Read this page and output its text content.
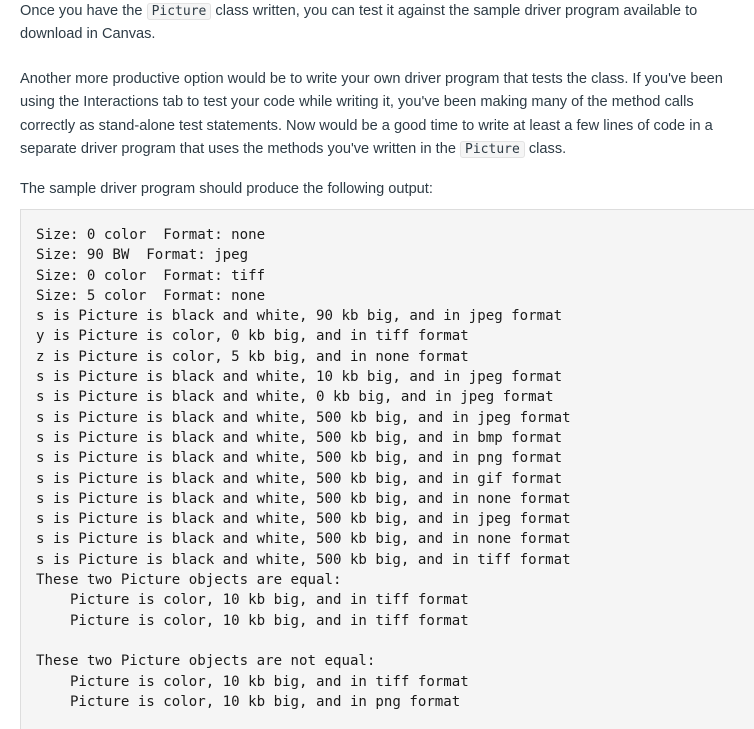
Once you have the Picture class written, you can test it against the sample driver program available to download in Canvas.

Another more productive option would be to write your own driver program that tests the class. If you've been using the Interactions tab to test your code while writing it, you've been making many of the method calls correctly as stand-alone test statements. Now would be a good time to write at least a few lines of code in a separate driver program that uses the methods you've written in the Picture class.

The sample driver program should produce the following output:

Size: 0 color  Format: none
Size: 90 BW  Format: jpeg
Size: 0 color  Format: tiff
Size: 5 color  Format: none
s is Picture is black and white, 90 kb big, and in jpeg format
y is Picture is color, 0 kb big, and in tiff format
z is Picture is color, 5 kb big, and in none format
s is Picture is black and white, 10 kb big, and in jpeg format
s is Picture is black and white, 0 kb big, and in jpeg format
s is Picture is black and white, 500 kb big, and in jpeg format
s is Picture is black and white, 500 kb big, and in bmp format
s is Picture is black and white, 500 kb big, and in png format
s is Picture is black and white, 500 kb big, and in gif format
s is Picture is black and white, 500 kb big, and in none format
s is Picture is black and white, 500 kb big, and in jpeg format
s is Picture is black and white, 500 kb big, and in none format
s is Picture is black and white, 500 kb big, and in tiff format
These two Picture objects are equal:
Picture is color, 10 kb big, and in tiff format
Picture is color, 10 kb big, and in tiff format
These two Picture objects are not equal:
Picture is color, 10 kb big, and in tiff format
Picture is color, 10 kb big, and in png format
